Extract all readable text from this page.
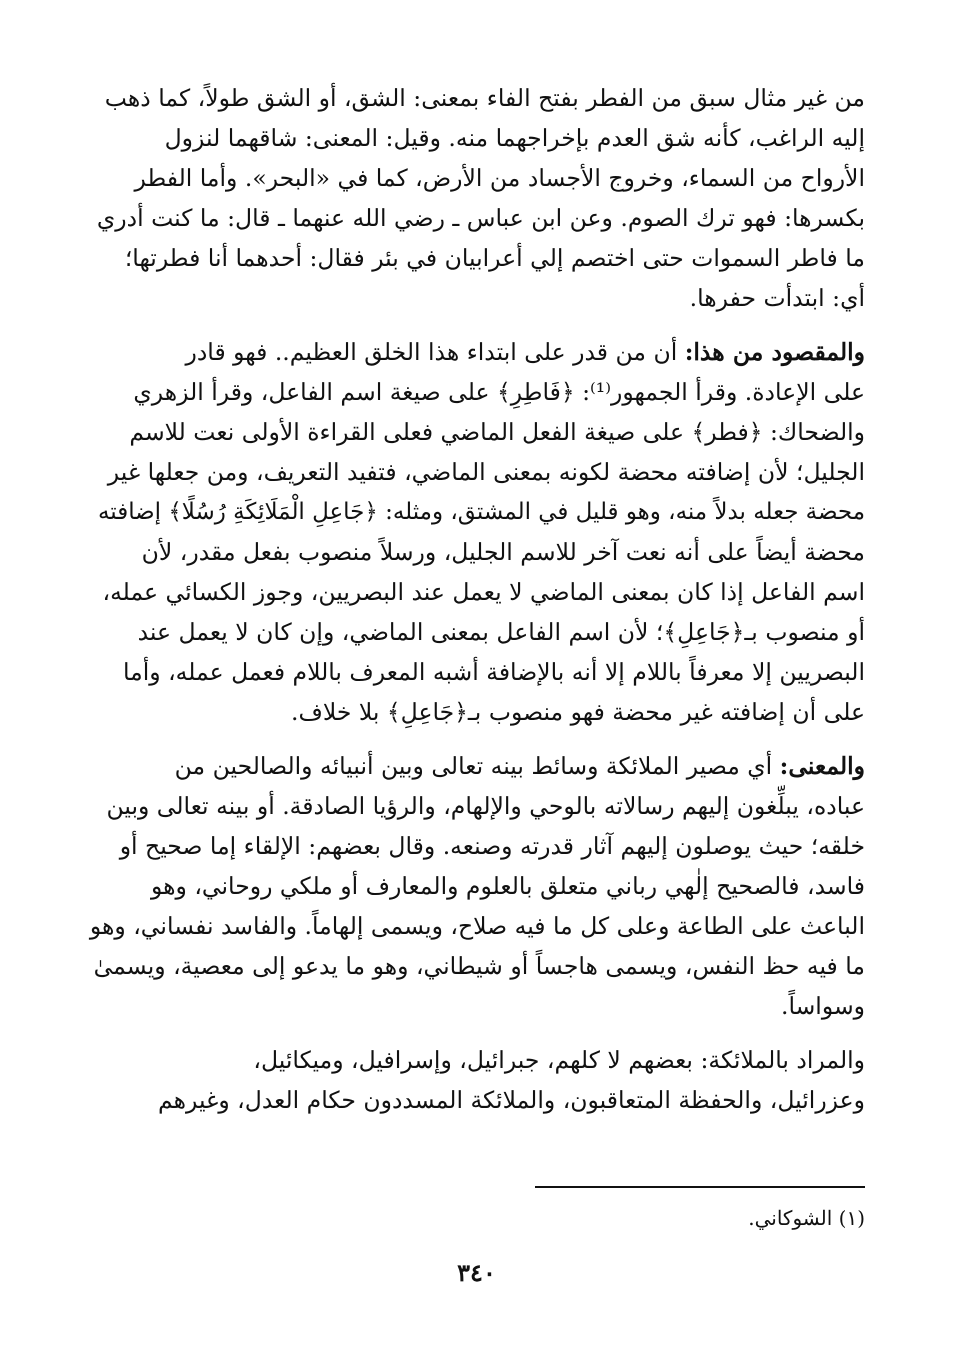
من غير مثال سبق من الفطر بفتح الفاء بمعنى: الشق، أو الشق طولاً، كما ذهب
إليه الراغب، كأنه شق العدم بإخراجهما منه. وقيل: المعنى: شاقهما لنزول
الأرواح من السماء، وخروج الأجساد من الأرض، كما في «البحر». وأما الفطر
بكسرها: فهو ترك الصوم. وعن ابن عباس ـ رضي الله عنهما ـ قال: ما كنت أدري
ما فاطر السموات حتى اختصم إلي أعرابيان في بئر فقال: أحدهما أنا فطرتها؛
أي: ابتدأت حفرها.

والمقصود من هذا: أن من قدر على ابتداء هذا الخلق العظيم.. فهو قادر
على الإعادة. وقرأ الجمهور⁽¹⁾: ﴿فَاطِرِ﴾ على صيغة اسم الفاعل، وقرأ الزهري
والضحاك: ﴿فطر﴾ على صيغة الفعل الماضي فعلى القراءة الأولى نعت للاسم
الجليل؛ لأن إضافته محضة لكونه بمعنى الماضي، فتفيد التعريف، ومن جعلها غير
محضة جعله بدلاً منه، وهو قليل في المشتق، ومثله: ﴿جَاعِلِ الْمَلَائِكَةِ رُسُلًا﴾ إضافته
محضة أيضاً على أنه نعت آخر للاسم الجليل، ورسلاً منصوب بفعل مقدر، لأن
اسم الفاعل إذا كان بمعنى الماضي لا يعمل عند البصريين، وجوز الكسائي عمله،
أو منصوب بـ﴿جَاعِلِ﴾؛ لأن اسم الفاعل بمعنى الماضي، وإن كان لا يعمل عند
البصريين إلا معرفاً باللام إلا أنه بالإضافة أشبه المعرف باللام فعمل عمله، وأما
على أن إضافته غير محضة فهو منصوب بـ﴿جَاعِلِ﴾ بلا خلاف.

والمعنى: أي مصير الملائكة وسائط بينه تعالى وبين أنبيائه والصالحين من
عباده، يبلِّغون إليهم رسالاته بالوحي والإلهام، والرؤيا الصادقة. أو بينه تعالى وبين
خلقه؛ حيث يوصلون إليهم آثار قدرته وصنعه. وقال بعضهم: الإلقاء إما صحيح أو
فاسد، فالصحيح إلٰهي رباني متعلق بالعلوم والمعارف أو ملكي روحاني، وهو
الباعث على الطاعة وعلى كل ما فيه صلاح، ويسمى إلهاماً. والفاسد نفساني، وهو
ما فيه حظ النفس، ويسمى هاجساً أو شيطاني، وهو ما يدعو إلى معصية، ويسمىٰ
وسواساً.

والمراد بالملائكة: بعضهم لا كلهم، جبرائيل، وإسرافيل، وميكائيل،
وعزرائيل، والحفظة المتعاقبون، والملائكة المسددون حكام العدل، وغيرهم

(١) الشوكاني.
٣٤٠
